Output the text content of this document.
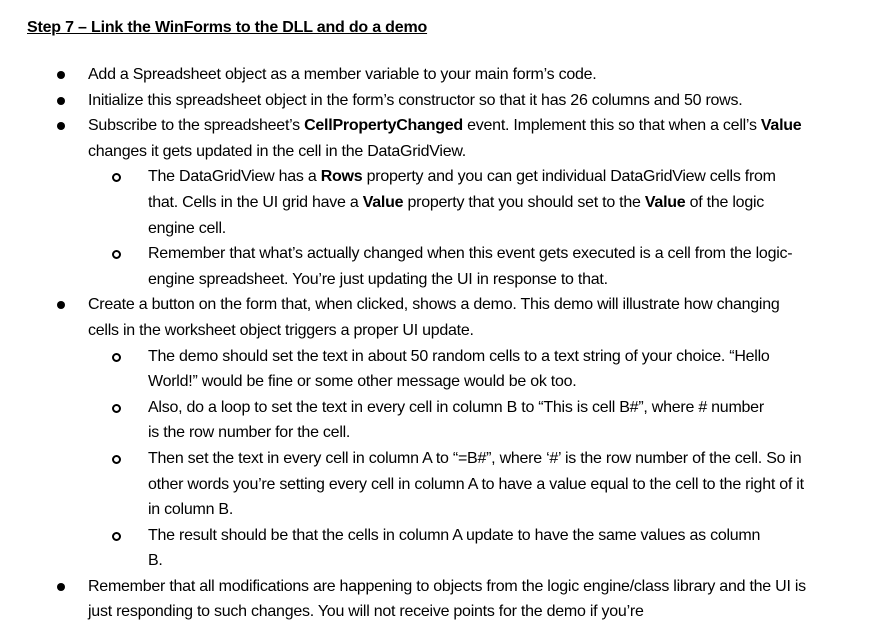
Step 7 – Link the WinForms to the DLL and do a demo
Add a Spreadsheet object as a member variable to your main form’s code.
Initialize this spreadsheet object in the form’s constructor so that it has 26 columns and 50 rows.
Subscribe to the spreadsheet’s CellPropertyChanged event. Implement this so that when a cell’s Value changes it gets updated in the cell in the DataGridView.
The DataGridView has a Rows property and you can get individual DataGridView cells from that. Cells in the UI grid have a Value property that you should set to the Value of the logic engine cell.
Remember that what’s actually changed when this event gets executed is a cell from the logic-engine spreadsheet. You’re just updating the UI in response to that.
Create a button on the form that, when clicked, shows a demo. This demo will illustrate how changing cells in the worksheet object triggers a proper UI update.
The demo should set the text in about 50 random cells to a text string of your choice. “Hello World!” would be fine or some other message would be ok too.
Also, do a loop to set the text in every cell in column B to “This is cell B#”, where # number is the row number for the cell.
Then set the text in every cell in column A to “=B#”, where ‘#’ is the row number of the cell. So in other words you’re setting every cell in column A to have a value equal to the cell to the right of it in column B.
The result should be that the cells in column A update to have the same values as column B.
Remember that all modifications are happening to objects from the logic engine/class library and the UI is just responding to such changes. You will not receive points for the demo if you’re
